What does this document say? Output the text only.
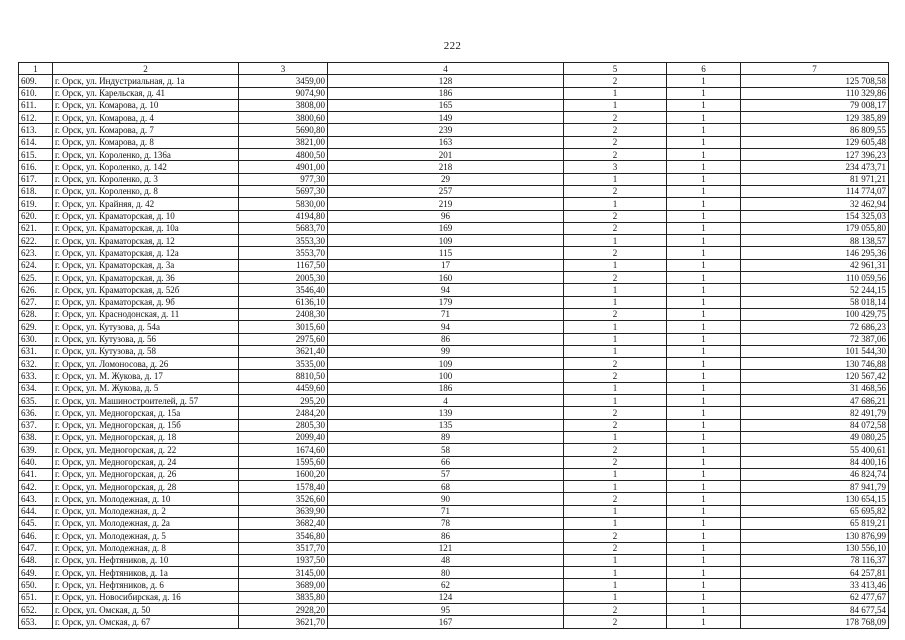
222
1	2	3	4	5	6	7
609.	г. Орск, ул. Индустриальная, д. 1а	3459,00	128	2	1	125 708,58
610.	г. Орск, ул. Карельская, д. 41	9074,90	186	1	1	110 329,86
611.	г. Орск, ул. Комарова, д. 10	3808,00	165	1	1	79 008,17
612.	г. Орск, ул. Комарова, д. 4	3800,60	149	2	1	129 385,89
613.	г. Орск, ул. Комарова, д. 7	5690,80	239	2	1	86 809,55
614.	г. Орск, ул. Комарова, д. 8	3821,00	163	2	1	129 605,48
615.	г. Орск, ул. Короленко, д. 136а	4800,50	201	2	1	127 396,23
616.	г. Орск, ул. Короленко, д. 142	4901,00	218	3	1	234 473,71
617.	г. Орск, ул. Короленко, д. 3	977,30	29	1	1	81 971,21
618.	г. Орск, ул. Короленко, д. 8	5697,30	257	2	1	114 774,07
619.	г. Орск, ул. Крайняя, д. 42	5830,00	219	1	1	32 462,94
620.	г. Орск, ул. Краматорская, д. 10	4194,80	96	2	1	154 325,03
621.	г. Орск, ул. Краматорская, д. 10а	5683,70	169	2	1	179 055,80
622.	г. Орск, ул. Краматорская, д. 12	3553,30	109	1	1	88 138,57
623.	г. Орск, ул. Краматорская, д. 12а	3553,70	115	2	1	146 295,36
624.	г. Орск, ул. Краматорская, д. 3а	1167,50	17	1	1	42 961,31
625.	г. Орск, ул. Краматорская, д. 36	2005,30	160	2	1	110 059,56
626.	г. Орск, ул. Краматорская, д. 52б	3546,40	94	1	1	52 244,15
627.	г. Орск, ул. Краматорская, д. 9б	6136,10	179	1	1	58 018,14
628.	г. Орск, ул. Краснодонская, д. 11	2408,30	71	2	1	100 429,75
629.	г. Орск, ул. Кутузова, д. 54а	3015,60	94	1	1	72 686,23
630.	г. Орск, ул. Кутузова, д. 56	2975,60	86	1	1	72 387,06
631.	г. Орск, ул. Кутузова, д. 58	3621,40	99	1	1	101 544,30
632.	г. Орск, ул. Ломоносова, д. 26	3535,00	109	2	1	130 746,88
633.	г. Орск, ул. М. Жукова, д. 17	8810,50	100	2	1	120 567,42
634.	г. Орск, ул. М. Жукова, д. 5	4459,60	186	1	1	31 468,56
635.	г. Орск, ул. Машиностроителей, д. 57	295,20	4	1	1	47 686,21
636.	г. Орск, ул. Медногорская, д. 15а	2484,20	139	2	1	82 491,79
637.	г. Орск, ул. Медногорская, д. 15б	2805,30	135	2	1	84 072,58
638.	г. Орск, ул. Медногорская, д. 18	2099,40	89	1	1	49 080,25
639.	г. Орск, ул. Медногорская, д. 22	1674,60	58	2	1	55 400,61
640.	г. Орск, ул. Медногорская, д. 24	1595,60	66	2	1	84 400,16
641.	г. Орск, ул. Медногорская, д. 26	1600,20	57	1	1	46 824,74
642.	г. Орск, ул. Медногорская, д. 28	1578,40	68	1	1	87 941,79
643.	г. Орск, ул. Молодежная, д. 10	3526,60	90	2	1	130 654,15
644.	г. Орск, ул. Молодежная, д. 2	3639,90	71	1	1	65 695,82
645.	г. Орск, ул. Молодежная, д. 2а	3682,40	78	1	1	65 819,21
646.	г. Орск, ул. Молодежная, д. 5	3546,80	86	2	1	130 876,99
647.	г. Орск, ул. Молодежная, д. 8	3517,70	121	2	1	130 556,10
648.	г. Орск, ул. Нефтяников, д. 10	1937,50	48	1	1	78 116,37
649.	г. Орск, ул. Нефтяников, д. 1а	3145,00	80	1	1	64 257,81
650.	г. Орск, ул. Нефтяников, д. 6	3689,00	62	1	1	33 413,46
651.	г. Орск, ул. Новосибирская, д. 16	3835,80	124	1	1	62 477,67
652.	г. Орск, ул. Омская, д. 50	2928,20	95	2	1	84 677,54
653.	г. Орск, ул. Омская, д. 67	3621,70	167	2	1	178 768,09
